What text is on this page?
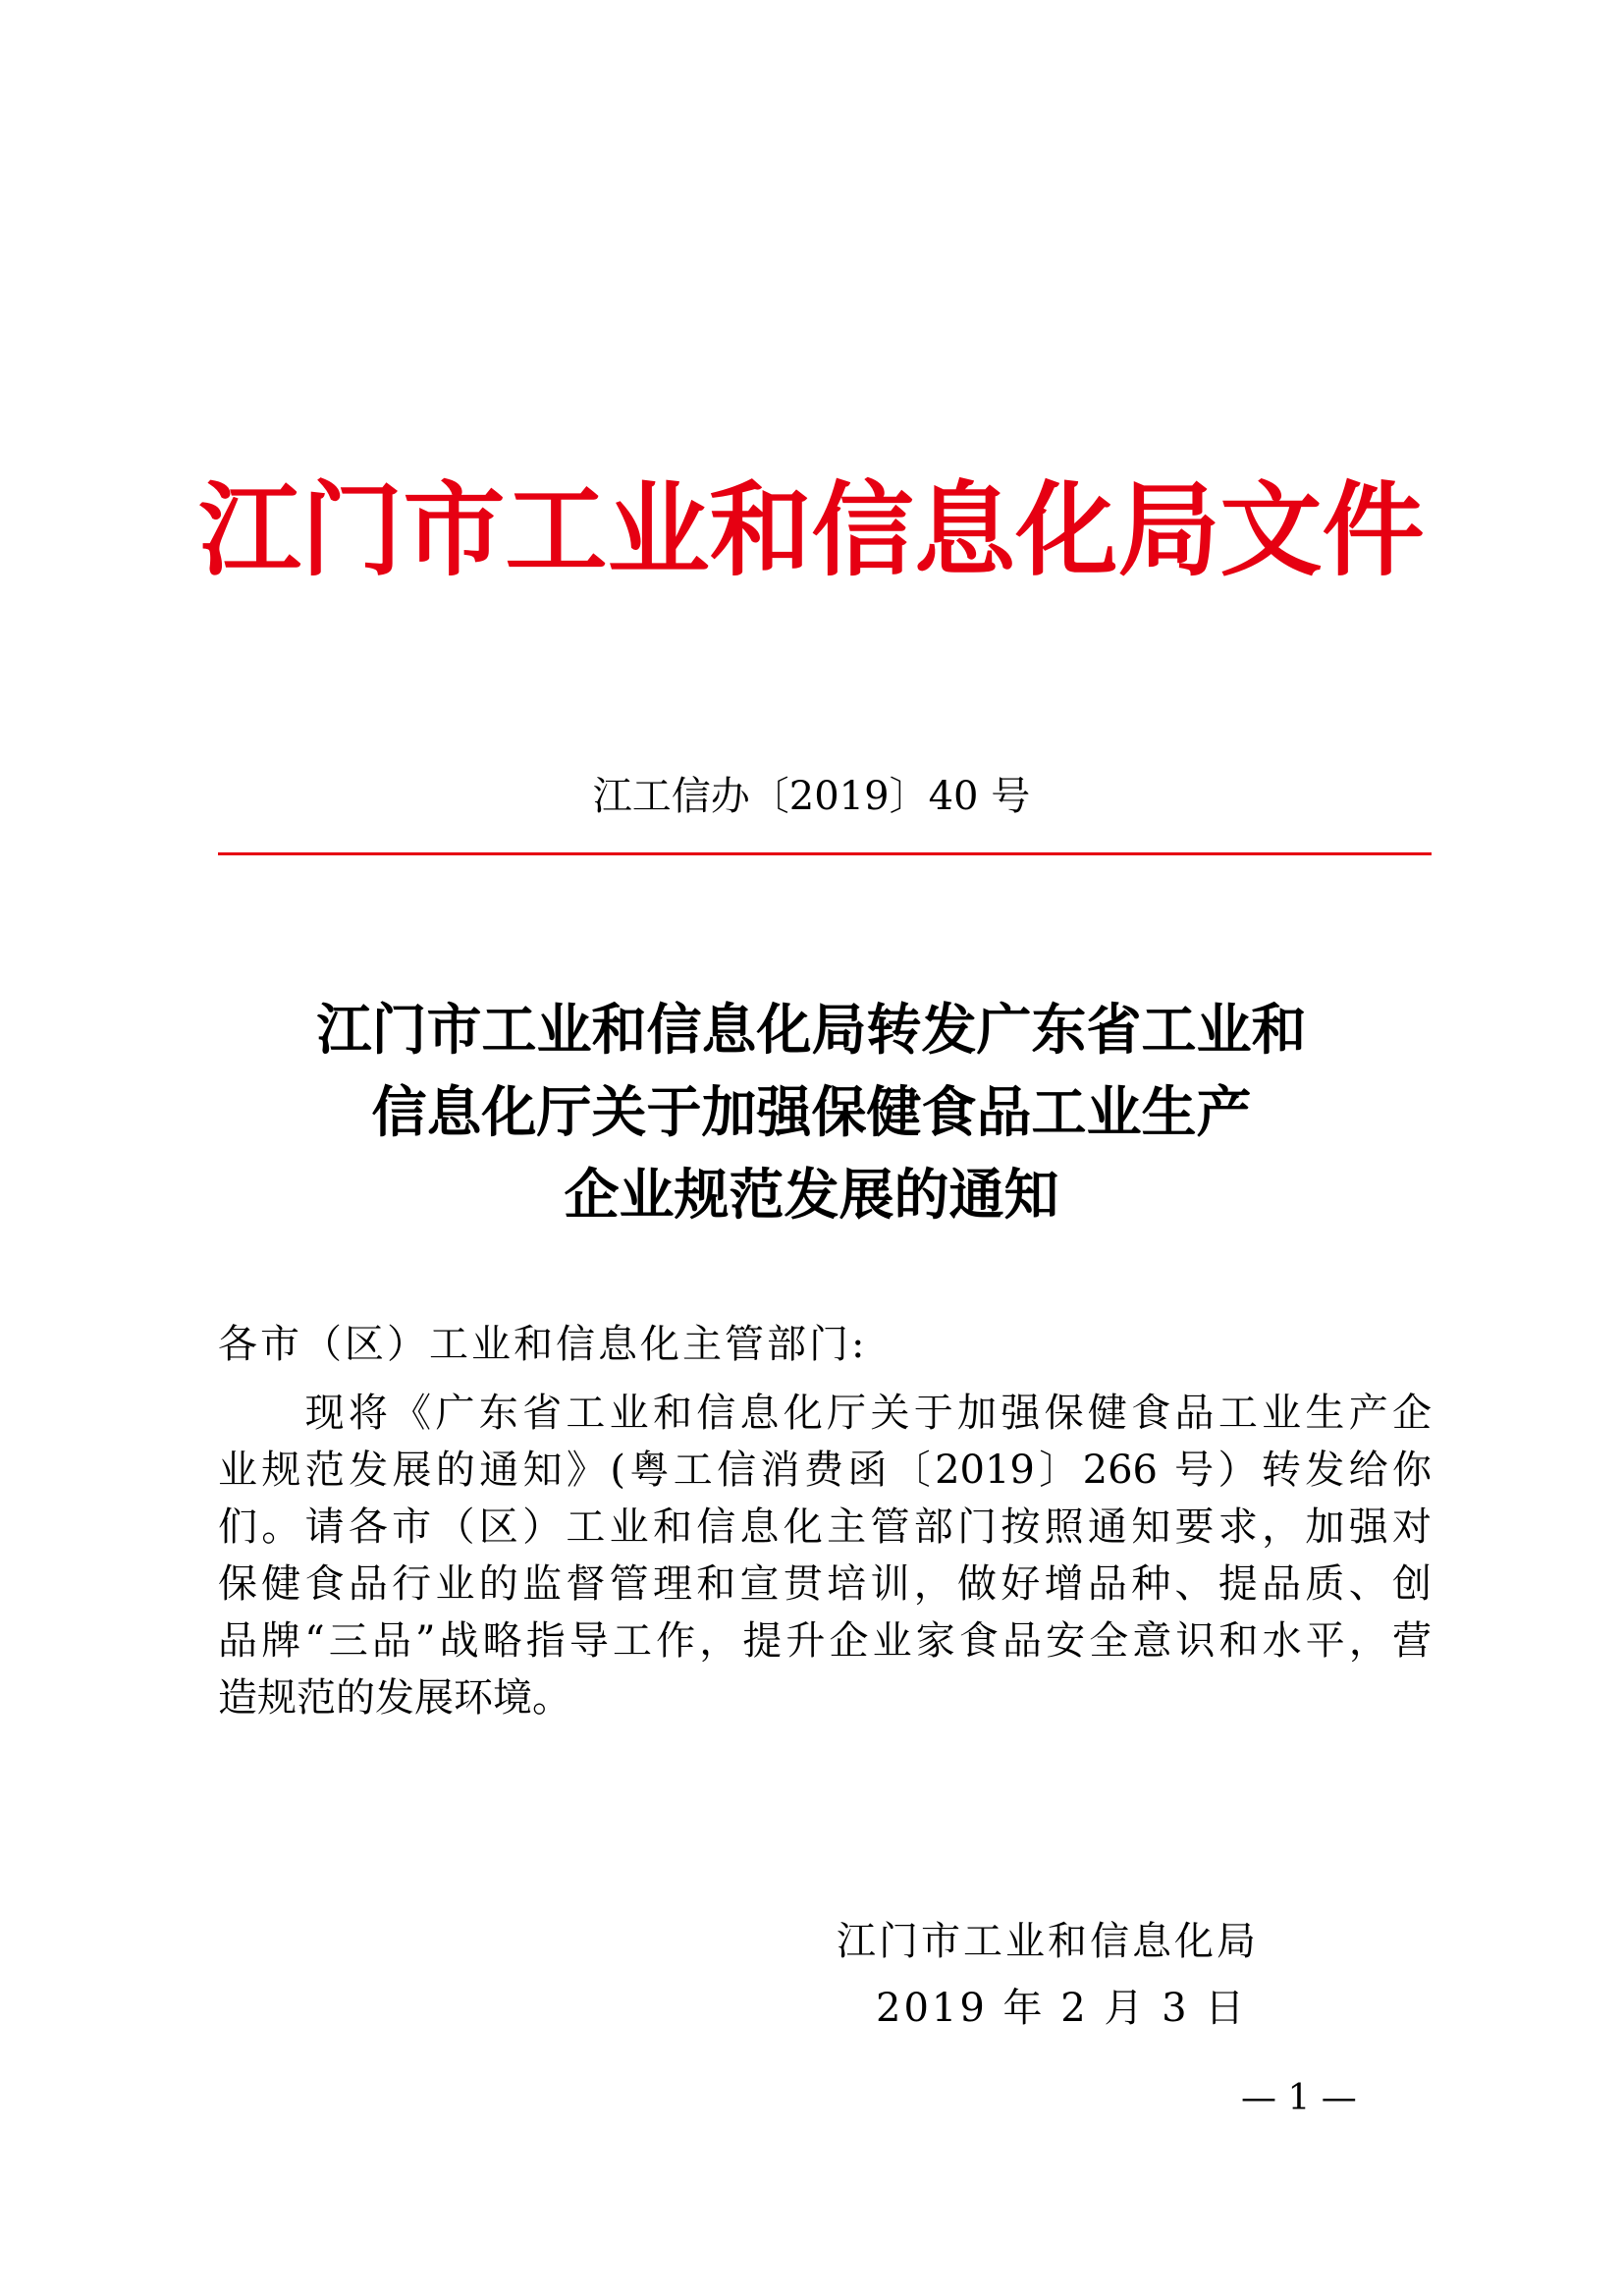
江门市工业和信息化局文件
江工信办〔2019〕40 号
江门市工业和信息化局转发广东省工业和
信息化厅关于加强保健食品工业生产
企业规范发展的通知
各市（区）工业和信息化主管部门:
　　现将《广东省工业和信息化厅关于加强保健食品工业生产企
业规范发展的通知》(粤工信消费函〔2019〕266 号）转发给你
们。请各市（区）工业和信息化主管部门按照通知要求，加强对
保健食品行业的监督管理和宣贯培训，做好增品种、提品质、创
品牌“三品”战略指导工作，提升企业家食品安全意识和水平，营
造规范的发展环境。
江门市工业和信息化局
2019 年 2 月 3 日
— 1 —
